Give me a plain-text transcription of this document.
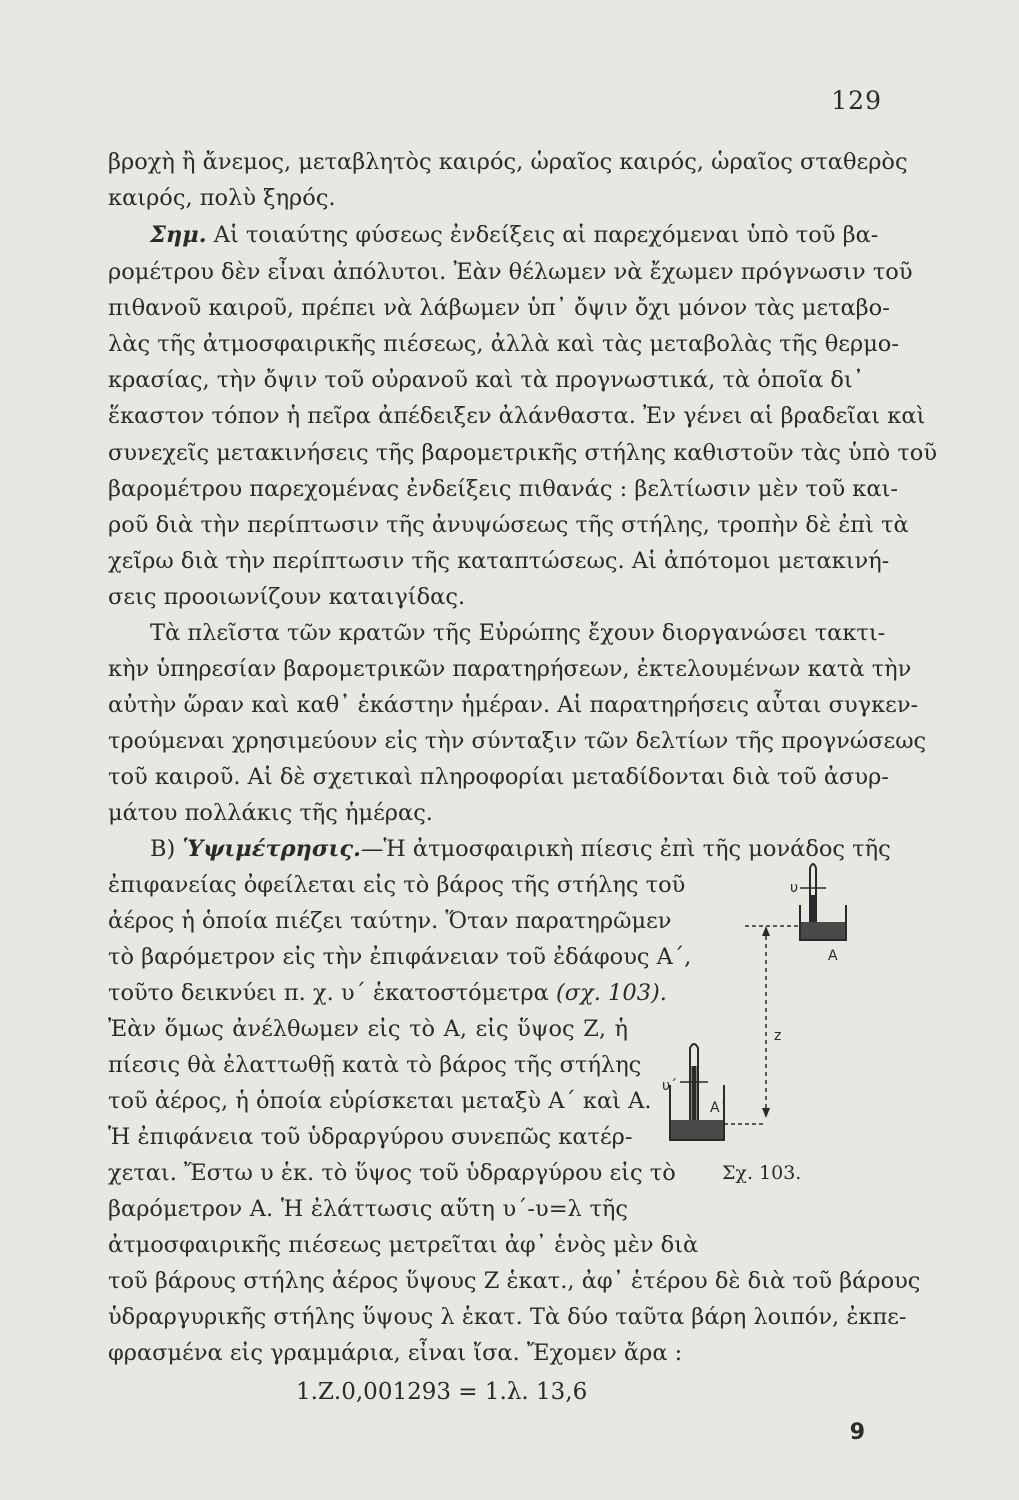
129
βροχὴ ἢ ἄνεμος, μεταβλητὸς καιρός, ὡραῖος καιρός, ὡραῖος σταθερὸς
καιρός, πολὺ ξηρός.
Σημ. Αἱ τοιαύτης φύσεως ἐνδείξεις αἱ παρεχόμεναι ὑπὸ τοῦ βα-
ρομέτρου δὲν εἶναι ἀπόλυτοι. Ἐὰν θέλωμεν νὰ ἔχωμεν πρόγνωσιν τοῦ
πιθανοῦ καιροῦ, πρέπει νὰ λάβωμεν ὑπ᾽ ὄψιν ὄχι μόνον τὰς μεταβο-
λὰς τῆς ἀτμοσφαιρικῆς πιέσεως, ἀλλὰ καὶ τὰς μεταβολὰς τῆς θερμο-
κρασίας, τὴν ὄψιν τοῦ οὐρανοῦ καὶ τὰ προγνωστικά, τὰ ὁποῖα δι᾽
ἕκαστον τόπον ἡ πεῖρα ἀπέδειξεν ἀλάνθαστα. Ἐν γένει αἱ βραδεῖαι καὶ
συνεχεῖς μετακινήσεις τῆς βαρομετρικῆς στήλης καθιστοῦν τὰς ὑπὸ τοῦ
βαρομέτρου παρεχομένας ἐνδείξεις πιθανάς : βελτίωσιν μὲν τοῦ και-
ροῦ διὰ τὴν περίπτωσιν τῆς ἀνυψώσεως τῆς στήλης, τροπὴν δὲ ἐπὶ τὰ
χεῖρω διὰ τὴν περίπτωσιν τῆς καταπτώσεως. Αἱ ἀπότομοι μετακινή-
σεις προοιωνίζουν καταιγίδας.
Τὰ πλεῖστα τῶν κρατῶν τῆς Εὐρώπης ἔχουν διοργανώσει τακτι-
κὴν ὑπηρεσίαν βαρομετρικῶν παρατηρήσεων, ἐκτελουμένων κατὰ τὴν
αὐτὴν ὥραν καὶ καθ᾽ ἑκάστην ἡμέραν. Αἱ παρατηρήσεις αὗται συγκεν-
τρούμεναι χρησιμεύουν εἰς τὴν σύνταξιν τῶν δελτίων τῆς προγνώσεως
τοῦ καιροῦ. Αἱ δὲ σχετικαὶ πληροφορίαι μεταδίδονται διὰ τοῦ ἀσυρ-
μάτου πολλάκις τῆς ἡμέρας.
Β) Ὑψιμέτρησις.—Ἡ ἀτμοσφαιρικὴ πίεσις ἐπὶ τῆς μονάδος τῆς
ἐπιφανείας ὀφείλεται εἰς τὸ βάρος τῆς στήλης τοῦ
ἀέρος ἡ ὁποία πιέζει ταύτην. Ὅταν παρατηρῶμεν
τὸ βαρόμετρον εἰς τὴν ἐπιφάνειαν τοῦ ἐδάφους Α΄,
τοῦτο δεικνύει π. χ. υ΄ ἑκατοστόμετρα (σχ. 103).
Ἐὰν ὅμως ἀνέλθωμεν εἰς τὸ Α, εἰς ὕψος Ζ, ἡ
πίεσις θὰ ἐλαττωθῇ κατὰ τὸ βάρος τῆς στήλης
τοῦ ἀέρος, ἡ ὁποία εὑρίσκεται μεταξὺ Α΄ καὶ Α.
Ἡ ἐπιφάνεια τοῦ ὑδραργύρου συνεπῶς κατέρ-
χεται. Ἔστω υ ἑκ. τὸ ὕψος τοῦ ὑδραργύρου εἰς τὸ
βαρόμετρον Α. Ἡ ἐλάττωσις αὕτη υ΄-υ=λ τῆς
ἀτμοσφαιρικῆς πιέσεως μετρεῖται ἀφ᾽ ἑνὸς μὲν διὰ
τοῦ βάρους στήλης ἀέρος ὕψους Ζ ἑκατ., ἀφ᾽ ἑτέρου δὲ διὰ τοῦ βάρους
ὑδραργυρικῆς στήλης ὕψους λ ἑκατ. Τὰ δύο ταῦτα βάρη λοιπόν, ἐκπε-
φρασμένα εἰς γραμμάρια, εἶναι ἴσα. Ἔχομεν ἄρα :
1.Ζ.0,001293 = 1.λ. 13,6
9
υ
Α
z
υ΄
Α΄
Σχ. 103.
